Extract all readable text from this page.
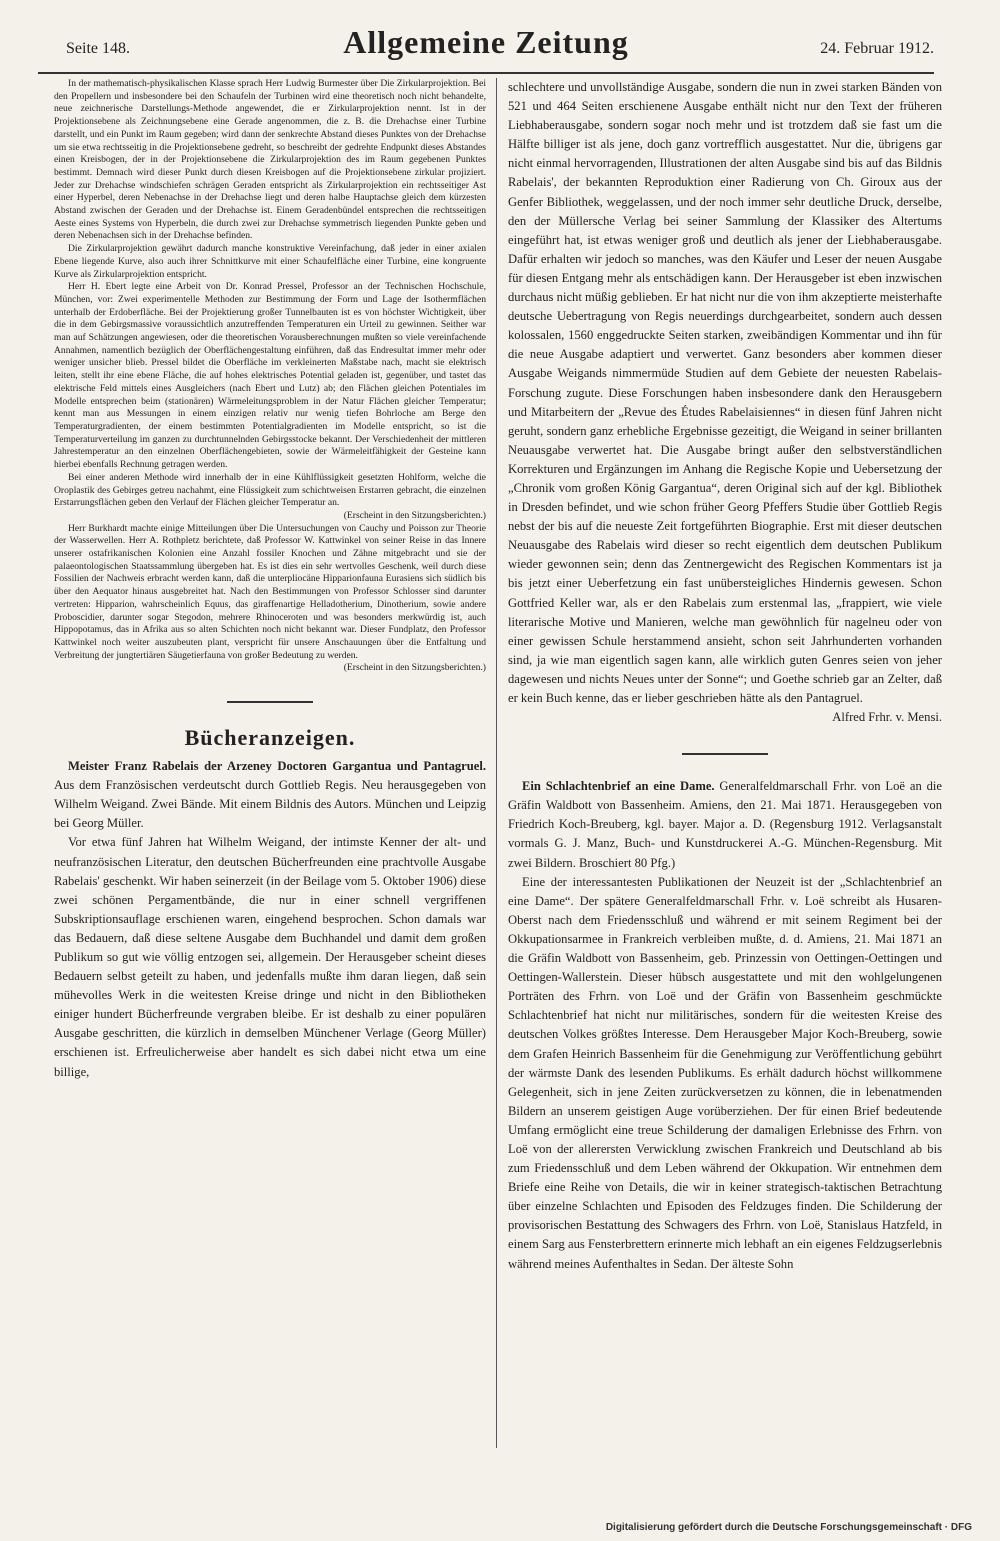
Seite 148.	Allgemeine Zeitung	24. Februar 1912.

In der mathematisch-physikalischen Klasse sprach Herr Ludwig Burmester über Die Zirkularprojektion. Bei den Propellern und insbesondere bei den Schaufeln der Turbinen wird eine theoretisch noch nicht behandelte, neue zeichnerische Darstellungs-Methode angewendet, die er Zirkularprojektion nennt. Ist in der Projektionsebene als Zeichnungsebene eine Gerade angenommen, die z. B. die Drehachse einer Turbine darstellt, und ein Punkt im Raum gegeben; wird dann der senkrechte Abstand dieses Punktes von der Drehachse um sie etwa rechtsseitig in die Projektionsebene gedreht, so beschreibt der gedrehte Endpunkt dieses Abstandes einen Kreisbogen, der in der Projektionsebene die Zirkularprojektion des im Raum gegebenen Punktes bestimmt. Demnach wird dieser Punkt durch diesen Kreisbogen auf die Projektionsebene zirkular projiziert. Jeder zur Drehachse windschiefen schrägen Geraden entspricht als Zirkularprojektion ein rechtsseitiger Ast einer Hyperbel, deren Nebenachse in der Drehachse liegt und deren halbe Hauptachse gleich dem kürzesten Abstand zwischen der Geraden und der Drehachse ist. Einem Geradenbündel entsprechen die rechtsseitigen Aeste eines Systems von Hyperbeln, die durch zwei zur Drehachse symmetrisch liegenden Punkte geben und deren Nebenachsen sich in der Drehachse befinden.

Die Zirkularprojektion gewährt dadurch manche konstruktive Vereinfachung, daß jeder in einer axialen Ebene liegende Kurve, also auch ihrer Schnittkurve mit einer Schaufelfläche einer Turbine, eine kongruente Kurve als Zirkularprojektion entspricht.

Herr H. Ebert legte eine Arbeit von Dr. Konrad Pressel, Professor an der Technischen Hochschule, München, vor: Zwei experimentelle Methoden zur Bestimmung der Form und Lage der Isothermflächen unterhalb der Erdoberfläche. Bei der Projektierung großer Tunnelbauten ist es von höchster Wichtigkeit, über die in dem Gebirgsmassive voraussichtlich anzutreffenden Temperaturen ein Urteil zu gewinnen. Seither war man auf Schätzungen angewiesen, oder die theoretischen Vorausberechnungen mußten so viele vereinfachende Annahmen, namentlich bezüglich der Oberflächengestaltung einführen, daß das Endresultat immer mehr oder weniger unsicher blieb. Pressel bildet die Oberfläche im verkleinerten Maßstabe nach, macht sie elektrisch leiten, stellt ihr eine ebene Fläche, die auf hohes elektrisches Potential geladen ist, gegenüber, und tastet das elektrische Feld mittels eines Ausgleichers (nach Ebert und Lutz) ab; den Flächen gleichen Potentiales im Modelle entsprechen beim (stationären) Wärmeleitungsproblem in der Natur Flächen gleicher Temperatur; kennt man aus Messungen in einem einzigen relativ nur wenig tiefen Bohrloche am Berge den Temperaturgradienten, der einem bestimmten Potentialgradienten im Modelle entspricht, so ist die Temperaturverteilung im ganzen zu durchtunnelnden Gebirgsstocke bekannt. Der Verschiedenheit der mittleren Jahrestemperatur an den einzelnen Oberflächengebieten, sowie der Wärmeleitfähigkeit der Gesteine kann hierbei ebenfalls Rechnung getragen werden.

Bei einer anderen Methode wird innerhalb der in eine Kühlflüssigkeit gesetzten Hohlform, welche die Oroplastik des Gebirges getreu nachahmt, eine Flüssigkeit zum schichtweisen Erstarren gebracht, die einzelnen Erstarrungsflächen geben den Verlauf der Flächen gleicher Temperatur an.

(Erscheint in den Sitzungsberichten.)

Herr Burkhardt machte einige Mitteilungen über Die Untersuchungen von Cauchy und Poisson zur Theorie der Wasserwellen. Herr A. Rothpletz berichtete, daß Professor W. Kattwinkel von seiner Reise in das Innere unserer ostafrikanischen Kolonien eine Anzahl fossiler Knochen und Zähne mitgebracht und sie der palaeontologischen Staatssammlung übergeben hat. Es ist dies ein sehr wertvolles Geschenk, weil durch diese Fossilien der Nachweis erbracht werden kann, daß die unterpliocäne Hipparionfauna Eurasiens sich südlich bis über den Aequator hinaus ausgebreitet hat. Nach den Bestimmungen von Professor Schlosser sind darunter vertreten: Hipparion, wahrscheinlich Equus, das giraffenartige Helladotherium, Dinotherium, sowie andere Proboscidier, darunter sogar Stegodon, mehrere Rhinoceroten und was besonders merkwürdig ist, auch Hippopotamus, das in Afrika aus so alten Schichten noch nicht bekannt war. Dieser Fundplatz, den Professor Kattwinkel noch weiter auszubeuten plant, verspricht für unsere Anschauungen über die Entfaltung und Verbreitung der jungtertiären Säugetierfauna von großer Bedeutung zu werden.

(Erscheint in den Sitzungsberichten.)

Bücheranzeigen.

Meister Franz Rabelais der Arzeney Doctoren Gargantua und Pantagruel. Aus dem Französischen verdeutscht durch Gottlieb Regis. Neu herausgegeben von Wilhelm Weigand. Zwei Bände. Mit einem Bildnis des Autors. München und Leipzig bei Georg Müller.

Vor etwa fünf Jahren hat Wilhelm Weigand, der intimste Kenner der alt- und neufranzösischen Literatur, den deutschen Bücherfreunden eine prachtvolle Ausgabe Rabelais' geschenkt. Wir haben seinerzeit (in der Beilage vom 5. Oktober 1906) diese zwei schönen Pergamentbände, die nur in einer schnell vergriffenen Subskriptionsauflage erschienen waren, eingehend besprochen. Schon damals war das Bedauern, daß diese seltene Ausgabe dem Buchhandel und damit dem großen Publikum so gut wie völlig entzogen sei, allgemein. Der Herausgeber scheint dieses Bedauern selbst geteilt zu haben, und jedenfalls mußte ihm daran liegen, daß sein mühevolles Werk in die weitesten Kreise dringe und nicht in den Bibliotheken einiger hundert Bücherfreunde vergraben bleibe. Er ist deshalb zu einer populären Ausgabe geschritten, die kürzlich in demselben Münchener Verlage (Georg Müller) erschienen ist. Erfreulicherweise aber handelt es sich dabei nicht etwa um eine billige,

schlechtere und unvollständige Ausgabe, sondern die nun in zwei starken Bänden von 521 und 464 Seiten erschienene Ausgabe enthält nicht nur den Text der früheren Liebhaberausgabe, sondern sogar noch mehr und ist trotzdem daß sie fast um die Hälfte billiger ist als jene, doch ganz vortrefflich ausgestattet. Nur die, übrigens gar nicht einmal hervorragenden, Illustrationen der alten Ausgabe sind bis auf das Bildnis Rabelais', der bekannten Reproduktion einer Radierung von Ch. Giroux aus der Genfer Bibliothek, weggelassen, und der noch immer sehr deutliche Druck, derselbe, den der Müllersche Verlag bei seiner Sammlung der Klassiker des Altertums eingeführt hat, ist etwas weniger groß und deutlich als jener der Liebhaberausgabe. Dafür erhalten wir jedoch so manches, was den Käufer und Leser der neuen Ausgabe für diesen Entgang mehr als entschädigen kann. Der Herausgeber ist eben inzwischen durchaus nicht müßig geblieben. Er hat nicht nur die von ihm akzeptierte meisterhafte deutsche Uebertragung von Regis neuerdings durchgearbeitet, sondern auch dessen kolossalen, 1560 enggedruckte Seiten starken, zweibändigen Kommentar und ihn für die neue Ausgabe adaptiert und verwertet. Ganz besonders aber kommen dieser Ausgabe Weigands nimmermüde Studien auf dem Gebiete der neuesten Rabelais-Forschung zugute. Diese Forschungen haben insbesondere dank den Herausgebern und Mitarbeitern der „Revue des Études Rabelaisiennes“ in diesen fünf Jahren nicht geruht, sondern ganz erhebliche Ergebnisse gezeitigt, die Weigand in seiner brillanten Neuausgabe verwertet hat. Die Ausgabe bringt außer den selbstverständlichen Korrekturen und Ergänzungen im Anhang die Regische Kopie und Uebersetzung der „Chronik vom großen König Gargantua“, deren Original sich auf der kgl. Bibliothek in Dresden befindet, und wie schon früher Georg Pfeffers Studie über Gottlieb Regis nebst der bis auf die neueste Zeit fortgeführten Biographie. Erst mit dieser deutschen Neuausgabe des Rabelais wird dieser so recht eigentlich dem deutschen Publikum wieder gewonnen sein; denn das Zentnergewicht des Regischen Kommentars ist ja bis jetzt einer Ueberfetzung ein fast unübersteigliches Hindernis gewesen. Schon Gottfried Keller war, als er den Rabelais zum erstenmal las, „frappiert, wie viele literarische Motive und Manieren, welche man gewöhnlich für nagelneu oder von einer gewissen Schule herstammend ansieht, schon seit Jahrhunderten vorhanden sind, ja wie man eigentlich sagen kann, alle wirklich guten Genres seien von jeher dagewesen und nichts Neues unter der Sonne“; und Goethe schrieb gar an Zelter, daß er kein Buch kenne, das er lieber geschrieben hätte als den Pantagruel.

Alfred Frhr. v. Mensi.

Ein Schlachtenbrief an eine Dame. Generalfeldmarschall Frhr. von Loë an die Gräfin Waldbott von Bassenheim. Amiens, den 21. Mai 1871. Herausgegeben von Friedrich Koch-Breuberg, kgl. bayer. Major a. D. (Regensburg 1912. Verlagsanstalt vormals G. J. Manz, Buch- und Kunstdruckerei A.-G. München-Regensburg. Mit zwei Bildern. Broschiert 80 Pfg.)

Eine der interessantesten Publikationen der Neuzeit ist der „Schlachtenbrief an eine Dame“. Der spätere Generalfeldmarschall Frhr. v. Loë schreibt als Husaren-Oberst nach dem Friedensschluß und während er mit seinem Regiment bei der Okkupationsarmee in Frankreich verbleiben mußte, d. d. Amiens, 21. Mai 1871 an die Gräfin Waldbott von Bassenheim, geb. Prinzessin von Oettingen-Oettingen und Oettingen-Wallerstein. Dieser hübsch ausgestattete und mit den wohlgelungenen Porträten des Frhrn. von Loë und der Gräfin von Bassenheim geschmückte Schlachtenbrief hat nicht nur militärisches, sondern für die weitesten Kreise des deutschen Volkes größtes Interesse. Dem Herausgeber Major Koch-Breuberg, sowie dem Grafen Heinrich Bassenheim für die Genehmigung zur Veröffentlichung gebührt der wärmste Dank des lesenden Publikums. Es erhält dadurch höchst willkommene Gelegenheit, sich in jene Zeiten zurückversetzen zu können, die in lebenatmenden Bildern an unserem geistigen Auge vorüberziehen. Der für einen Brief bedeutende Umfang ermöglicht eine treue Schilderung der damaligen Erlebnisse des Frhrn. von Loë von der allerersten Verwicklung zwischen Frankreich und Deutschland ab bis zum Friedensschluß und dem Leben während der Okkupation. Wir entnehmen dem Briefe eine Reihe von Details, die wir in keiner strategisch-taktischen Betrachtung über einzelne Schlachten und Episoden des Feldzuges finden. Die Schilderung der provisorischen Bestattung des Schwagers des Frhrn. von Loë, Stanislaus Hatzfeld, in einem Sarg aus Fensterbrettern erinnerte mich lebhaft an ein eigenes Feldzugserlebnis während meines Aufenthaltes in Sedan. Der älteste Sohn

Digitalisierung gefördert durch die Deutsche Forschungsgemeinschaft · DFG
